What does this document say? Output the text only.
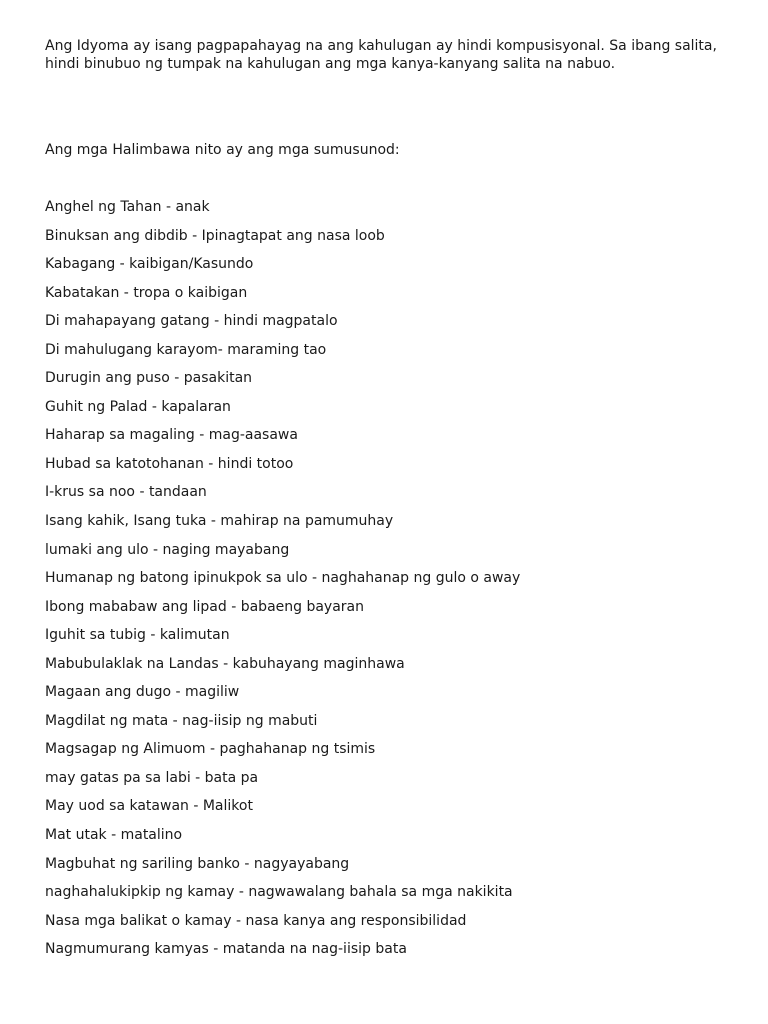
Ang Idyoma ay isang pagpapahayag na ang kahulugan ay hindi kompusisyonal. Sa ibang salita, hindi binubuo ng tumpak na kahulugan ang mga kanya-kanyang salita na nabuo.

Ang mga Halimbawa nito ay ang mga sumusunod:

Anghel ng Tahan - anak
Binuksan ang dibdib - Ipinagtapat ang nasa loob
Kabagang - kaibigan/Kasundo
Kabatakan - tropa o kaibigan
Di mahapayang gatang - hindi magpatalo
Di mahulugang karayom- maraming tao
Durugin ang puso - pasakitan
Guhit ng Palad - kapalaran
Haharap sa magaling - mag-aasawa
Hubad sa katotohanan - hindi totoo
I-krus sa noo - tandaan
Isang kahik, Isang tuka - mahirap na pamumuhay
lumaki ang ulo - naging mayabang
Humanap ng batong ipinukpok sa ulo - naghahanap ng gulo o away
Ibong mababaw ang lipad - babaeng bayaran
Iguhit sa tubig - kalimutan
Mabubulaklak na Landas - kabuhayang maginhawa
Magaan ang dugo - magiliw
Magdilat ng mata - nag-iisip ng mabuti
Magsagap ng Alimuom - paghahanap ng tsimis
may gatas pa sa labi - bata pa
May uod sa katawan - Malikot
Mat utak - matalino
Magbuhat ng sariling banko - nagyayabang
naghahalukipkip ng kamay - nagwawalang bahala sa mga nakikita
Nasa mga balikat o kamay - nasa kanya ang responsibilidad
Nagmumurang kamyas - matanda na nag-iisip bata
